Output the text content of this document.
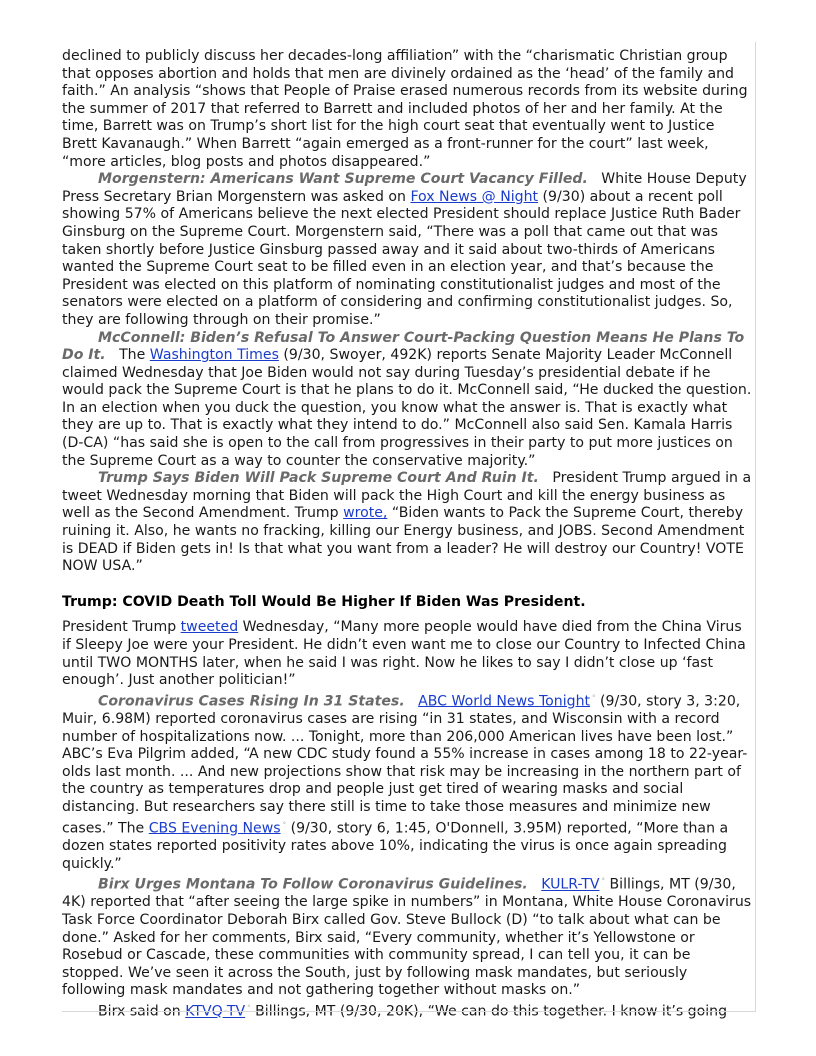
declined to publicly discuss her decades-long affiliation” with the “charismatic Christian group that opposes abortion and holds that men are divinely ordained as the ‘head’ of the family and faith.” An analysis “shows that People of Praise erased numerous records from its website during the summer of 2017 that referred to Barrett and included photos of her and her family. At the time, Barrett was on Trump’s short list for the high court seat that eventually went to Justice Brett Kavanaugh.” When Barrett “again emerged as a front-runner for the court” last week, “more articles, blog posts and photos disappeared.”

Morgenstern: Americans Want Supreme Court Vacancy Filled. White House Deputy Press Secretary Brian Morgenstern was asked on Fox News @ Night (9/30) about a recent poll showing 57% of Americans believe the next elected President should replace Justice Ruth Bader Ginsburg on the Supreme Court. Morgenstern said, “There was a poll that came out that was taken shortly before Justice Ginsburg passed away and it said about two-thirds of Americans wanted the Supreme Court seat to be filled even in an election year, and that’s because the President was elected on this platform of nominating constitutionalist judges and most of the senators were elected on a platform of considering and confirming constitutionalist judges. So, they are following through on their promise.”

McConnell: Biden’s Refusal To Answer Court-Packing Question Means He Plans To Do It. The Washington Times (9/30, Swoyer, 492K) reports Senate Majority Leader McConnell claimed Wednesday that Joe Biden would not say during Tuesday’s presidential debate if he would pack the Supreme Court is that he plans to do it. McConnell said, “He ducked the question. In an election when you duck the question, you know what the answer is. That is exactly what they are up to. That is exactly what they intend to do.” McConnell also said Sen. Kamala Harris (D-CA) “has said she is open to the call from progressives in their party to put more justices on the Supreme Court as a way to counter the conservative majority.”

Trump Says Biden Will Pack Supreme Court And Ruin It. President Trump argued in a tweet Wednesday morning that Biden will pack the High Court and kill the energy business as well as the Second Amendment. Trump wrote, “Biden wants to Pack the Supreme Court, thereby ruining it. Also, he wants no fracking, killing our Energy business, and JOBS. Second Amendment is DEAD if Biden gets in! Is that what you want from a leader? He will destroy our Country! VOTE NOW USA.”

Trump: COVID Death Toll Would Be Higher If Biden Was President.

President Trump tweeted Wednesday, “Many more people would have died from the China Virus if Sleepy Joe were your President. He didn’t even want me to close our Country to Infected China until TWO MONTHS later, when he said I was right. Now he likes to say I didn’t close up ‘fast enough’. Just another politician!”

Coronavirus Cases Rising In 31 States. ABC World News Tonight ° (9/30, story 3, 3:20, Muir, 6.98M) reported coronavirus cases are rising “in 31 states, and Wisconsin with a record number of hospitalizations now. ... Tonight, more than 206,000 American lives have been lost.” ABC’s Eva Pilgrim added, “A new CDC study found a 55% increase in cases among 18 to 22-year-olds last month. ... And new projections show that risk may be increasing in the northern part of the country as temperatures drop and people just get tired of wearing masks and social distancing. But researchers say there still is time to take those measures and minimize new cases.” The CBS Evening News ° (9/30, story 6, 1:45, O'Donnell, 3.95M) reported, “More than a dozen states reported positivity rates above 10%, indicating the virus is once again spreading quickly.”

Birx Urges Montana To Follow Coronavirus Guidelines. KULR-TV ° Billings, MT (9/30, 4K) reported that “after seeing the large spike in numbers” in Montana, White House Coronavirus Task Force Coordinator Deborah Birx called Gov. Steve Bullock (D) “to talk about what can be done.” Asked for her comments, Birx said, “Every community, whether it’s Yellowstone or Rosebud or Cascade, these communities with community spread, I can tell you, it can be stopped. We’ve seen it across the South, just by following mask mandates, but seriously following mask mandates and not gathering together without masks on.”

Birx said on KTVQ-TV ° Billings, MT (9/30, 20K), “We can do this together. I know it’s going
